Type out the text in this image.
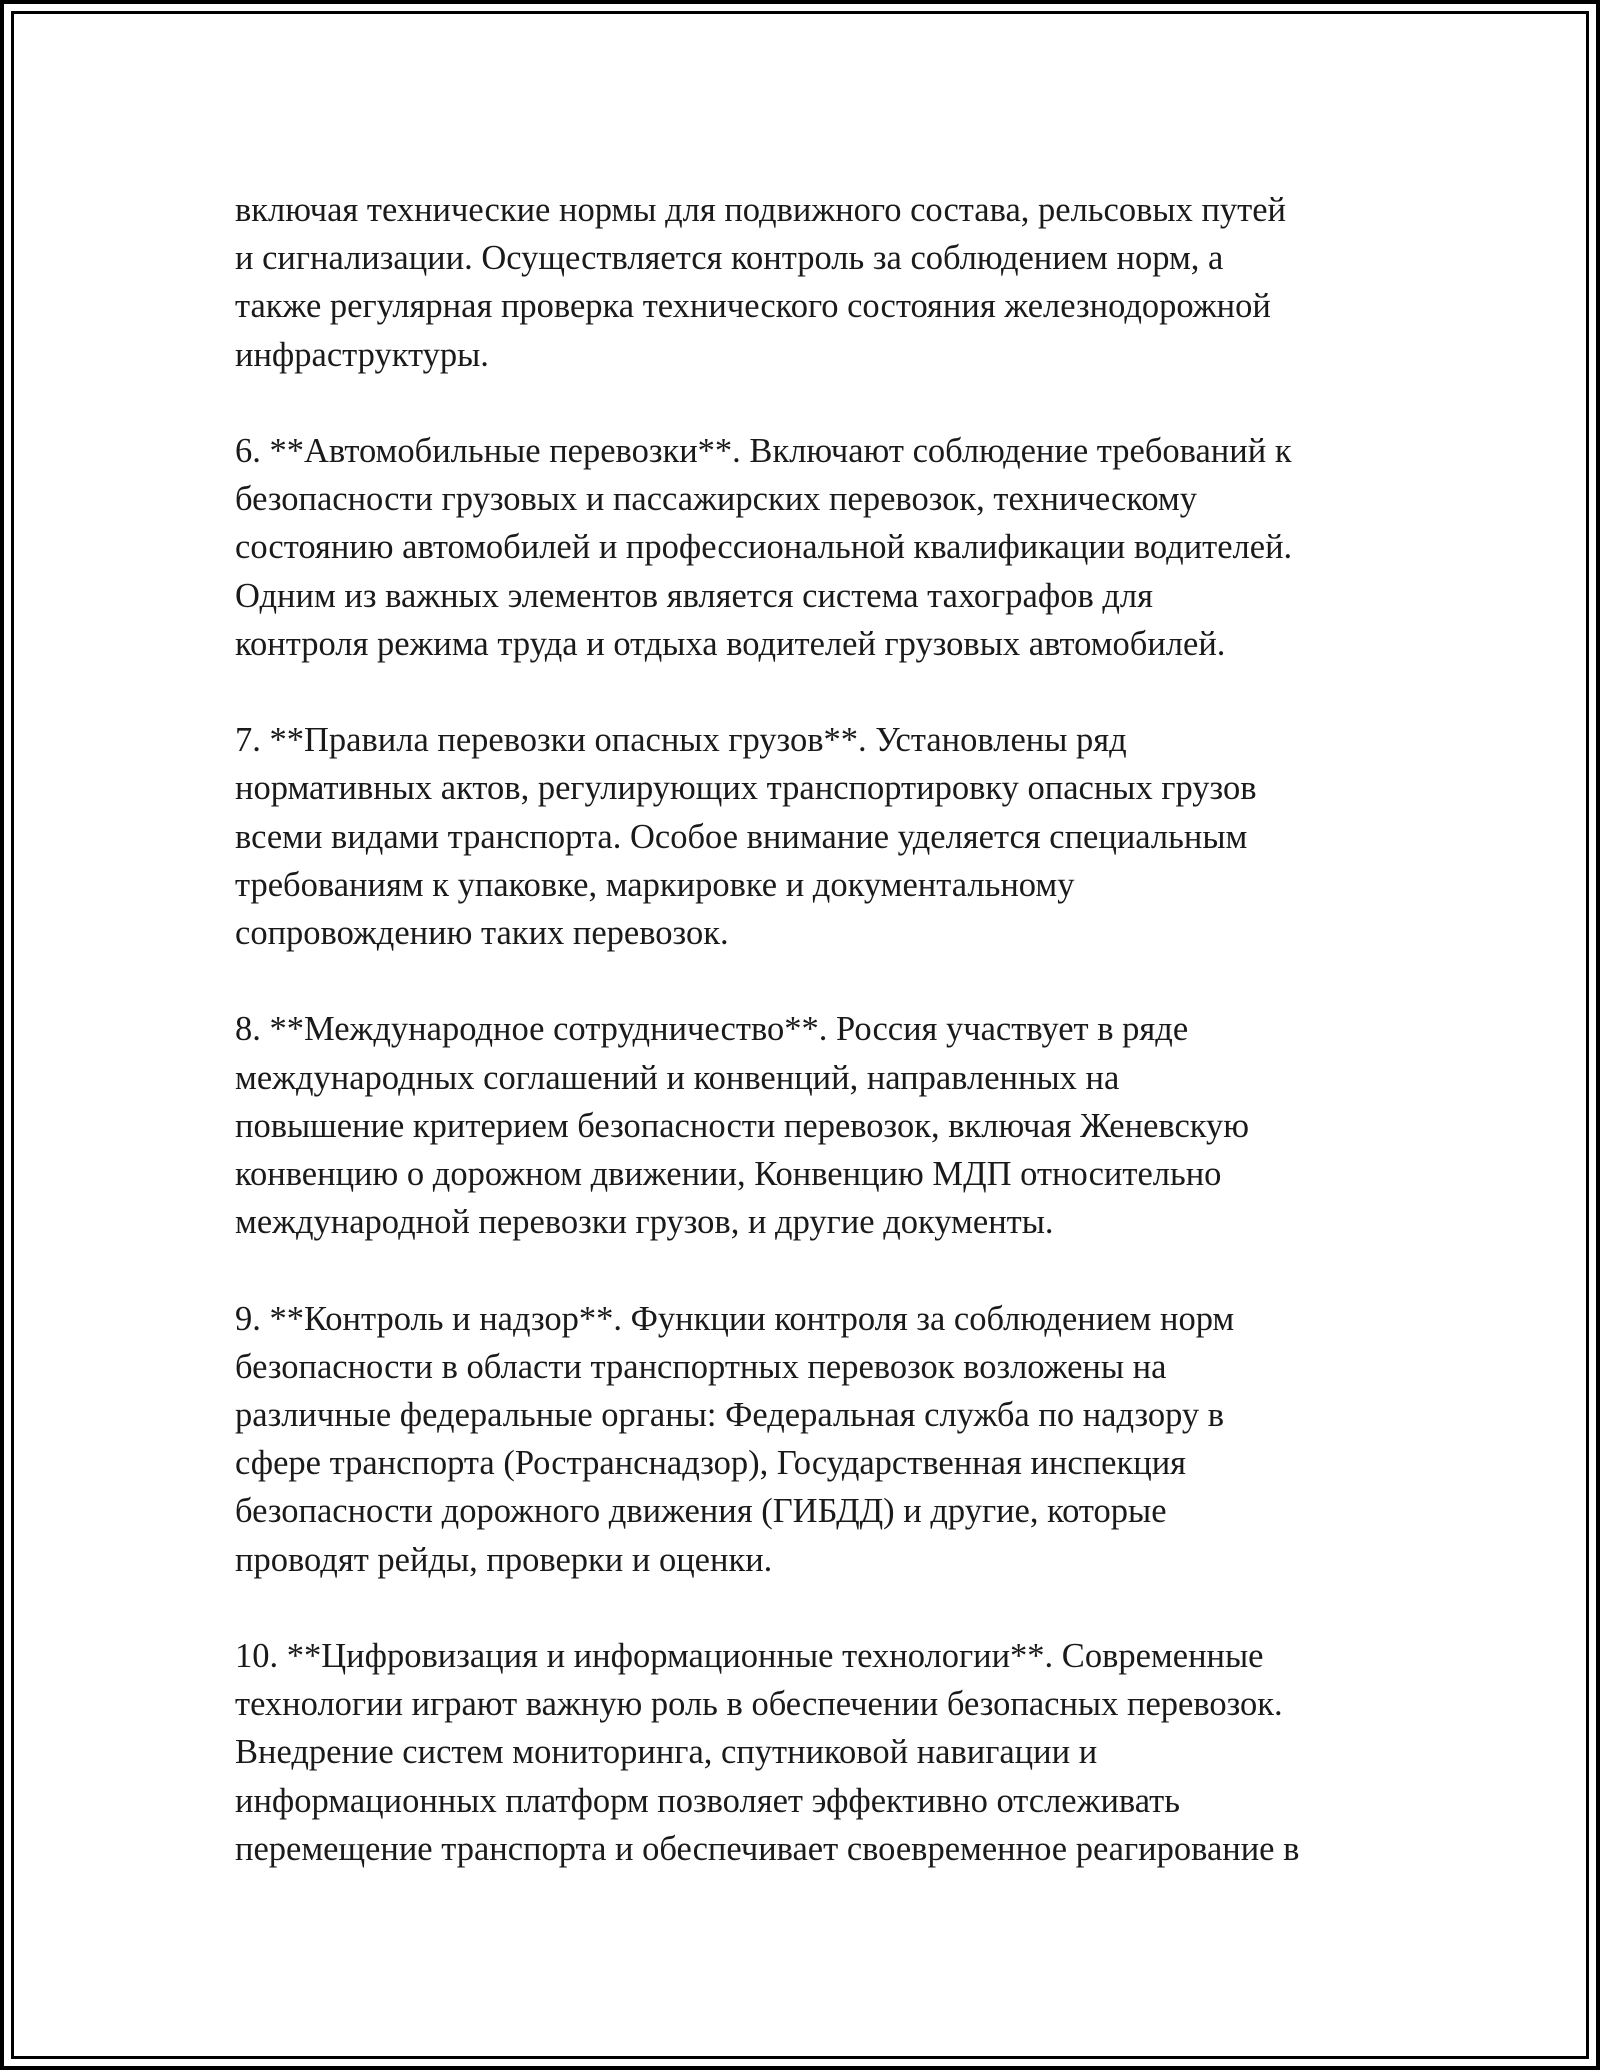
включая технические нормы для подвижного состава, рельсовых путей
и сигнализации. Осуществляется контроль за соблюдением норм, а
также регулярная проверка технического состояния железнодорожной
инфраструктуры.

6. **Автомобильные перевозки**. Включают соблюдение требований к
безопасности грузовых и пассажирских перевозок, техническому
состоянию автомобилей и профессиональной квалификации водителей.
Одним из важных элементов является система тахографов для
контроля режима труда и отдыха водителей грузовых автомобилей.

7. **Правила перевозки опасных грузов**. Установлены ряд
нормативных актов, регулирующих транспортировку опасных грузов
всеми видами транспорта. Особое внимание уделяется специальным
требованиям к упаковке, маркировке и документальному
сопровождению таких перевозок.

8. **Международное сотрудничество**. Россия участвует в ряде
международных соглашений и конвенций, направленных на
повышение критерием безопасности перевозок, включая Женевскую
конвенцию о дорожном движении, Конвенцию МДП относительно
международной перевозки грузов, и другие документы.

9. **Контроль и надзор**. Функции контроля за соблюдением норм
безопасности в области транспортных перевозок возложены на
различные федеральные органы: Федеральная служба по надзору в
сфере транспорта (Ространснадзор), Государственная инспекция
безопасности дорожного движения (ГИБДД) и другие, которые
проводят рейды, проверки и оценки.

10. **Цифровизация и информационные технологии**. Современные
технологии играют важную роль в обеспечении безопасных перевозок.
Внедрение систем мониторинга, спутниковой навигации и
информационных платформ позволяет эффективно отслеживать
перемещение транспорта и обеспечивает своевременное реагирование в
